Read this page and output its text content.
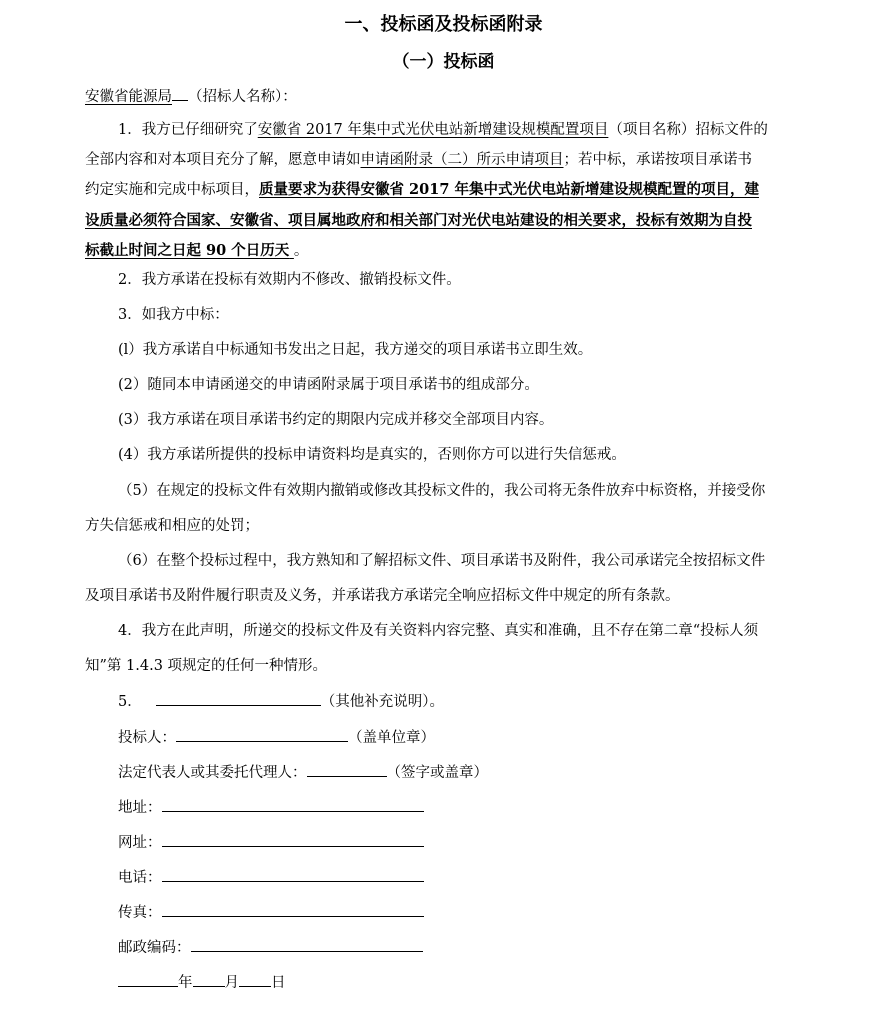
一、投标函及投标函附录
（一）投标函
安徽省能源局 （招标人名称）：
1．我方已仔细研究了安徽省 2017 年集中式光伏电站新增建设规模配置项目（项目名称）招标文件的
全部内容和对本项目充分了解，愿意申请如申请函附录（二）所示申请项目；若中标，承诺按项目承诺书
约定实施和完成中标项目，质量要求为获得安徽省 2017 年集中式光伏电站新增建设规模配置的项目，建
设质量必须符合国家、安徽省、项目属地政府和相关部门对光伏电站建设的相关要求，投标有效期为自投
标截止时间之日起 90 个日历天 。
2．我方承诺在投标有效期内不修改、撤销投标文件。
3．如我方中标：
(l）我方承诺自中标通知书发出之日起，我方递交的项目承诺书立即生效。
(2）随同本申请函递交的申请函附录属于项目承诺书的组成部分。
(3）我方承诺在项目承诺书约定的期限内完成并移交全部项目内容。
(4）我方承诺所提供的投标申请资料均是真实的，否则你方可以进行失信惩戒。
（5）在规定的投标文件有效期内撤销或修改其投标文件的，我公司将无条件放弃中标资格，并接受你
方失信惩戒和相应的处罚；
（6）在整个投标过程中，我方熟知和了解招标文件、项目承诺书及附件，我公司承诺完全按招标文件
及项目承诺书及附件履行职责及义务，并承诺我方承诺完全响应招标文件中规定的所有条款。
4．我方在此声明，所递交的投标文件及有关资料内容完整、真实和准确，且不存在第二章“投标人须
知”第 1.4.3 项规定的任何一种情形。
5．	（其他补充说明）。
投标人：	（盖单位章）
法定代表人或其委托代理人：	（签字或盖章）
地址：
网址：
电话：
传真：
邮政编码：
年 月 日
